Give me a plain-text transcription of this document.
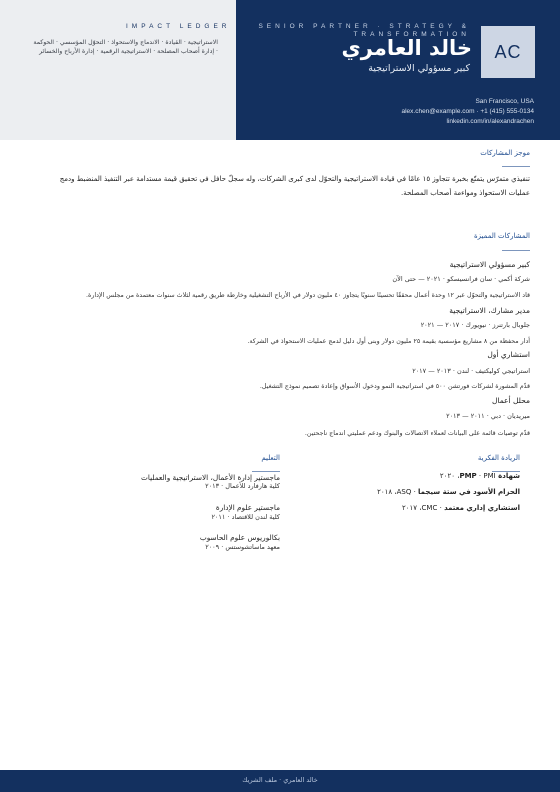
SENIOR PARTNER · STRATEGY &
TRANSFORMATION
خالد العامري
كبير مسؤولي الاستراتيجية
AC
San Francisco, USA
alex.chen@example.com · +1 (415) 555-0134
linkedin.com/in/alexandrachen
IMPACT LEDGER
الاستراتيجية · القيادة · الاندماج والاستحواذ · التحوّل المؤسسي · الحوكمة
· إدارة أصحاب المصلحة · الاستراتيجية الرقمية · إدارة الأرباح والخسائر
موجز المشاركات
تنفيذي متمرّس يتمتّع بخبرة تتجاوز ١٥ عامًا في قيادة الاستراتيجية والتحوّل لدى كبرى الشركات، وله سجلّ حافل في تحقيق قيمة مستدامة عبر التنفيذ المنضبط ودمج
عمليات الاستحواذ ومواءمة أصحاب المصلحة.
المشاركات المميزة
كبير مسؤولي الاستراتيجية
شركة أكمي · سان فرانسيسكو · ٢٠٢١ — حتى الآن
قاد الاستراتيجية والتحوّل عبر ١٢ وحدة أعمال محققًا تحسينًا سنويًا يتجاوز ٤٠ مليون دولار في الأرباح التشغيلية وخارطة طريق رقمية لثلاث سنوات معتمدة من مجلس الإدارة.
مدير مشارك، الاستراتيجية
جلوبال بارتنرز · نيويورك · ٢٠١٧ — ٢٠٢١
أدار محفظة من ٨ مشاريع مؤسسية بقيمة ٢٥ مليون دولار وبنى أول دليل لدمج عمليات الاستحواذ في الشركة.
استشاري أول
استراتيجي كوليكتيف · لندن · ٢٠١٣ — ٢٠١٧
قدّم المشورة لشركات فورتشن ٥٠٠ في استراتيجية النمو ودخول الأسواق وإعادة تصميم نموذج التشغيل.
محلل أعمال
ميريديان · دبي · ٢٠١١ — ٢٠١٣
قدّم توصيات قائمة على البيانات لعملاء الاتصالات والبنوك ودعم عمليتي اندماج ناجحتين.
الريادة الفكرية
شهادة PMP · PMI، ٢٠٢٠
الحزام الأسود في ستة سيجما · ASQ، ٢٠١٨
استشاري إداري معتمد · CMC، ٢٠١٧
التعليم
ماجستير إدارة الأعمال، الاستراتيجية والعمليات
كلية هارفارد للأعمال · ٢٠١٣
ماجستير علوم الإدارة
كلية لندن للاقتصاد · ٢٠١١
بكالوريوس علوم الحاسوب
معهد ماساتشوستس · ٢٠٠٩
خالد العامري · ملف الشريك
